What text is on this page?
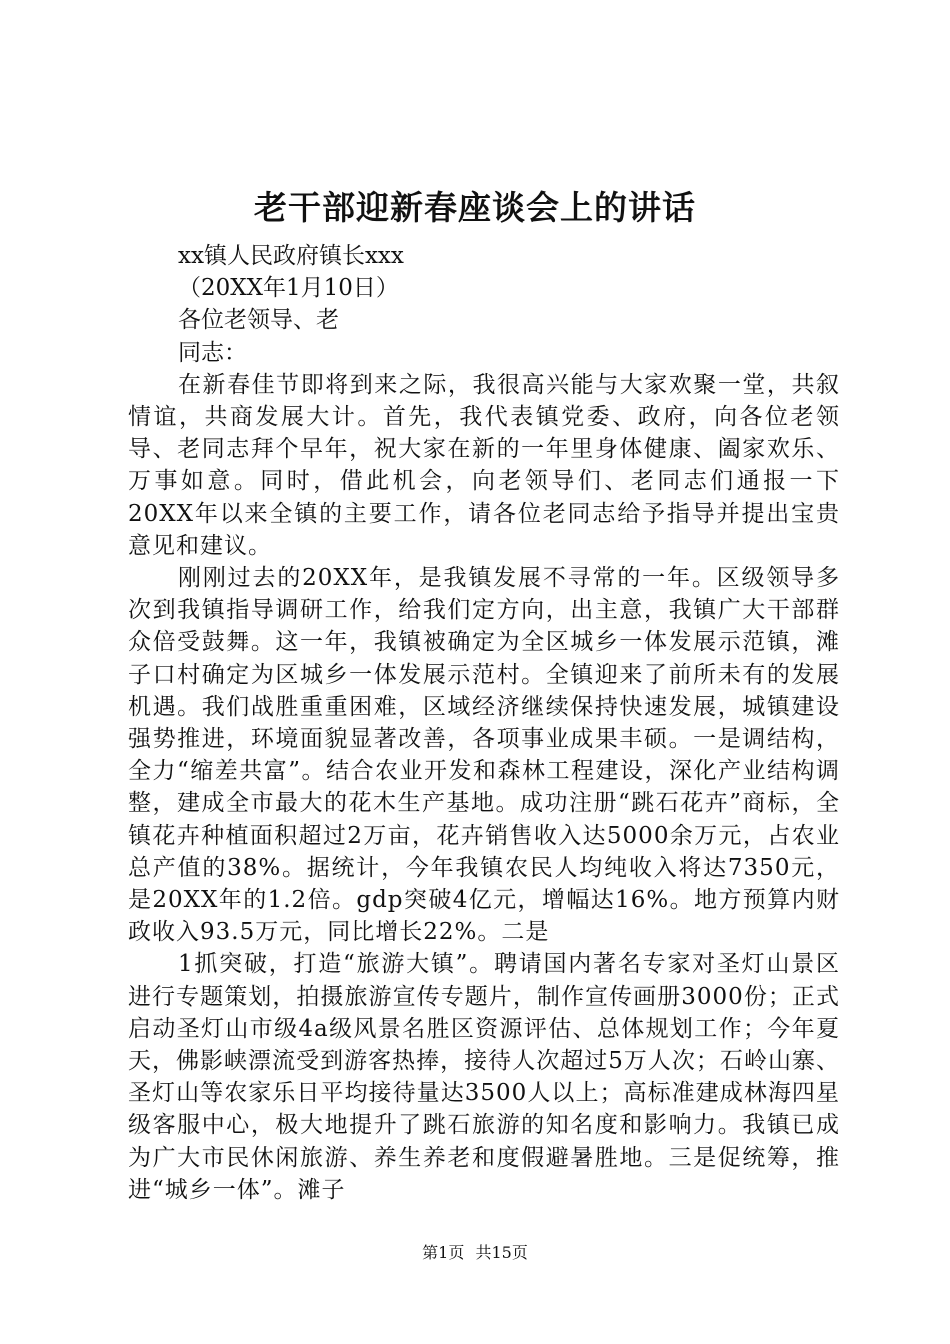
老干部迎新春座谈会上的讲话

xx镇人民政府镇长xxx

（20XX年1月10日）

各位老领导、老

同志：

在新春佳节即将到来之际，我很高兴能与大家欢聚一堂，共叙情谊，共商发展大计。首先，我代表镇党委、政府，向各位老领导、老同志拜个早年，祝大家在新的一年里身体健康、阖家欢乐、万事如意。同时，借此机会，向老领导们、老同志们通报一下20XX年以来全镇的主要工作，请各位老同志给予指导并提出宝贵意见和建议。

刚刚过去的20XX年，是我镇发展不寻常的一年。区级领导多次到我镇指导调研工作，给我们定方向，出主意，我镇广大干部群众倍受鼓舞。这一年，我镇被确定为全区城乡一体发展示范镇，滩子口村确定为区城乡一体发展示范村。全镇迎来了前所未有的发展机遇。我们战胜重重困难，区域经济继续保持快速发展，城镇建设强势推进，环境面貌显著改善，各项事业成果丰硕。一是调结构，全力“缩差共富”。结合农业开发和森林工程建设，深化产业结构调整，建成全市最大的花木生产基地。成功注册“跳石花卉”商标，全镇花卉种植面积超过2万亩，花卉销售收入达5000余万元，占农业总产值的38%。据统计，今年我镇农民人均纯收入将达7350元，是20XX年的1.2倍。gdp突破4亿元，增幅达16%。地方预算内财政收入93.5万元，同比增长22%。二是

1抓突破，打造“旅游大镇”。聘请国内著名专家对圣灯山景区进行专题策划，拍摄旅游宣传专题片，制作宣传画册3000份；正式启动圣灯山市级4a级风景名胜区资源评估、总体规划工作；今年夏天，佛影峡漂流受到游客热捧，接待人次超过5万人次；石岭山寨、圣灯山等农家乐日平均接待量达3500人以上；高标准建成林海四星级客服中心，极大地提升了跳石旅游的知名度和影响力。我镇已成为广大市民休闲旅游、养生养老和度假避暑胜地。三是促统筹，推进“城乡一体”。滩子

第1页 共15页
